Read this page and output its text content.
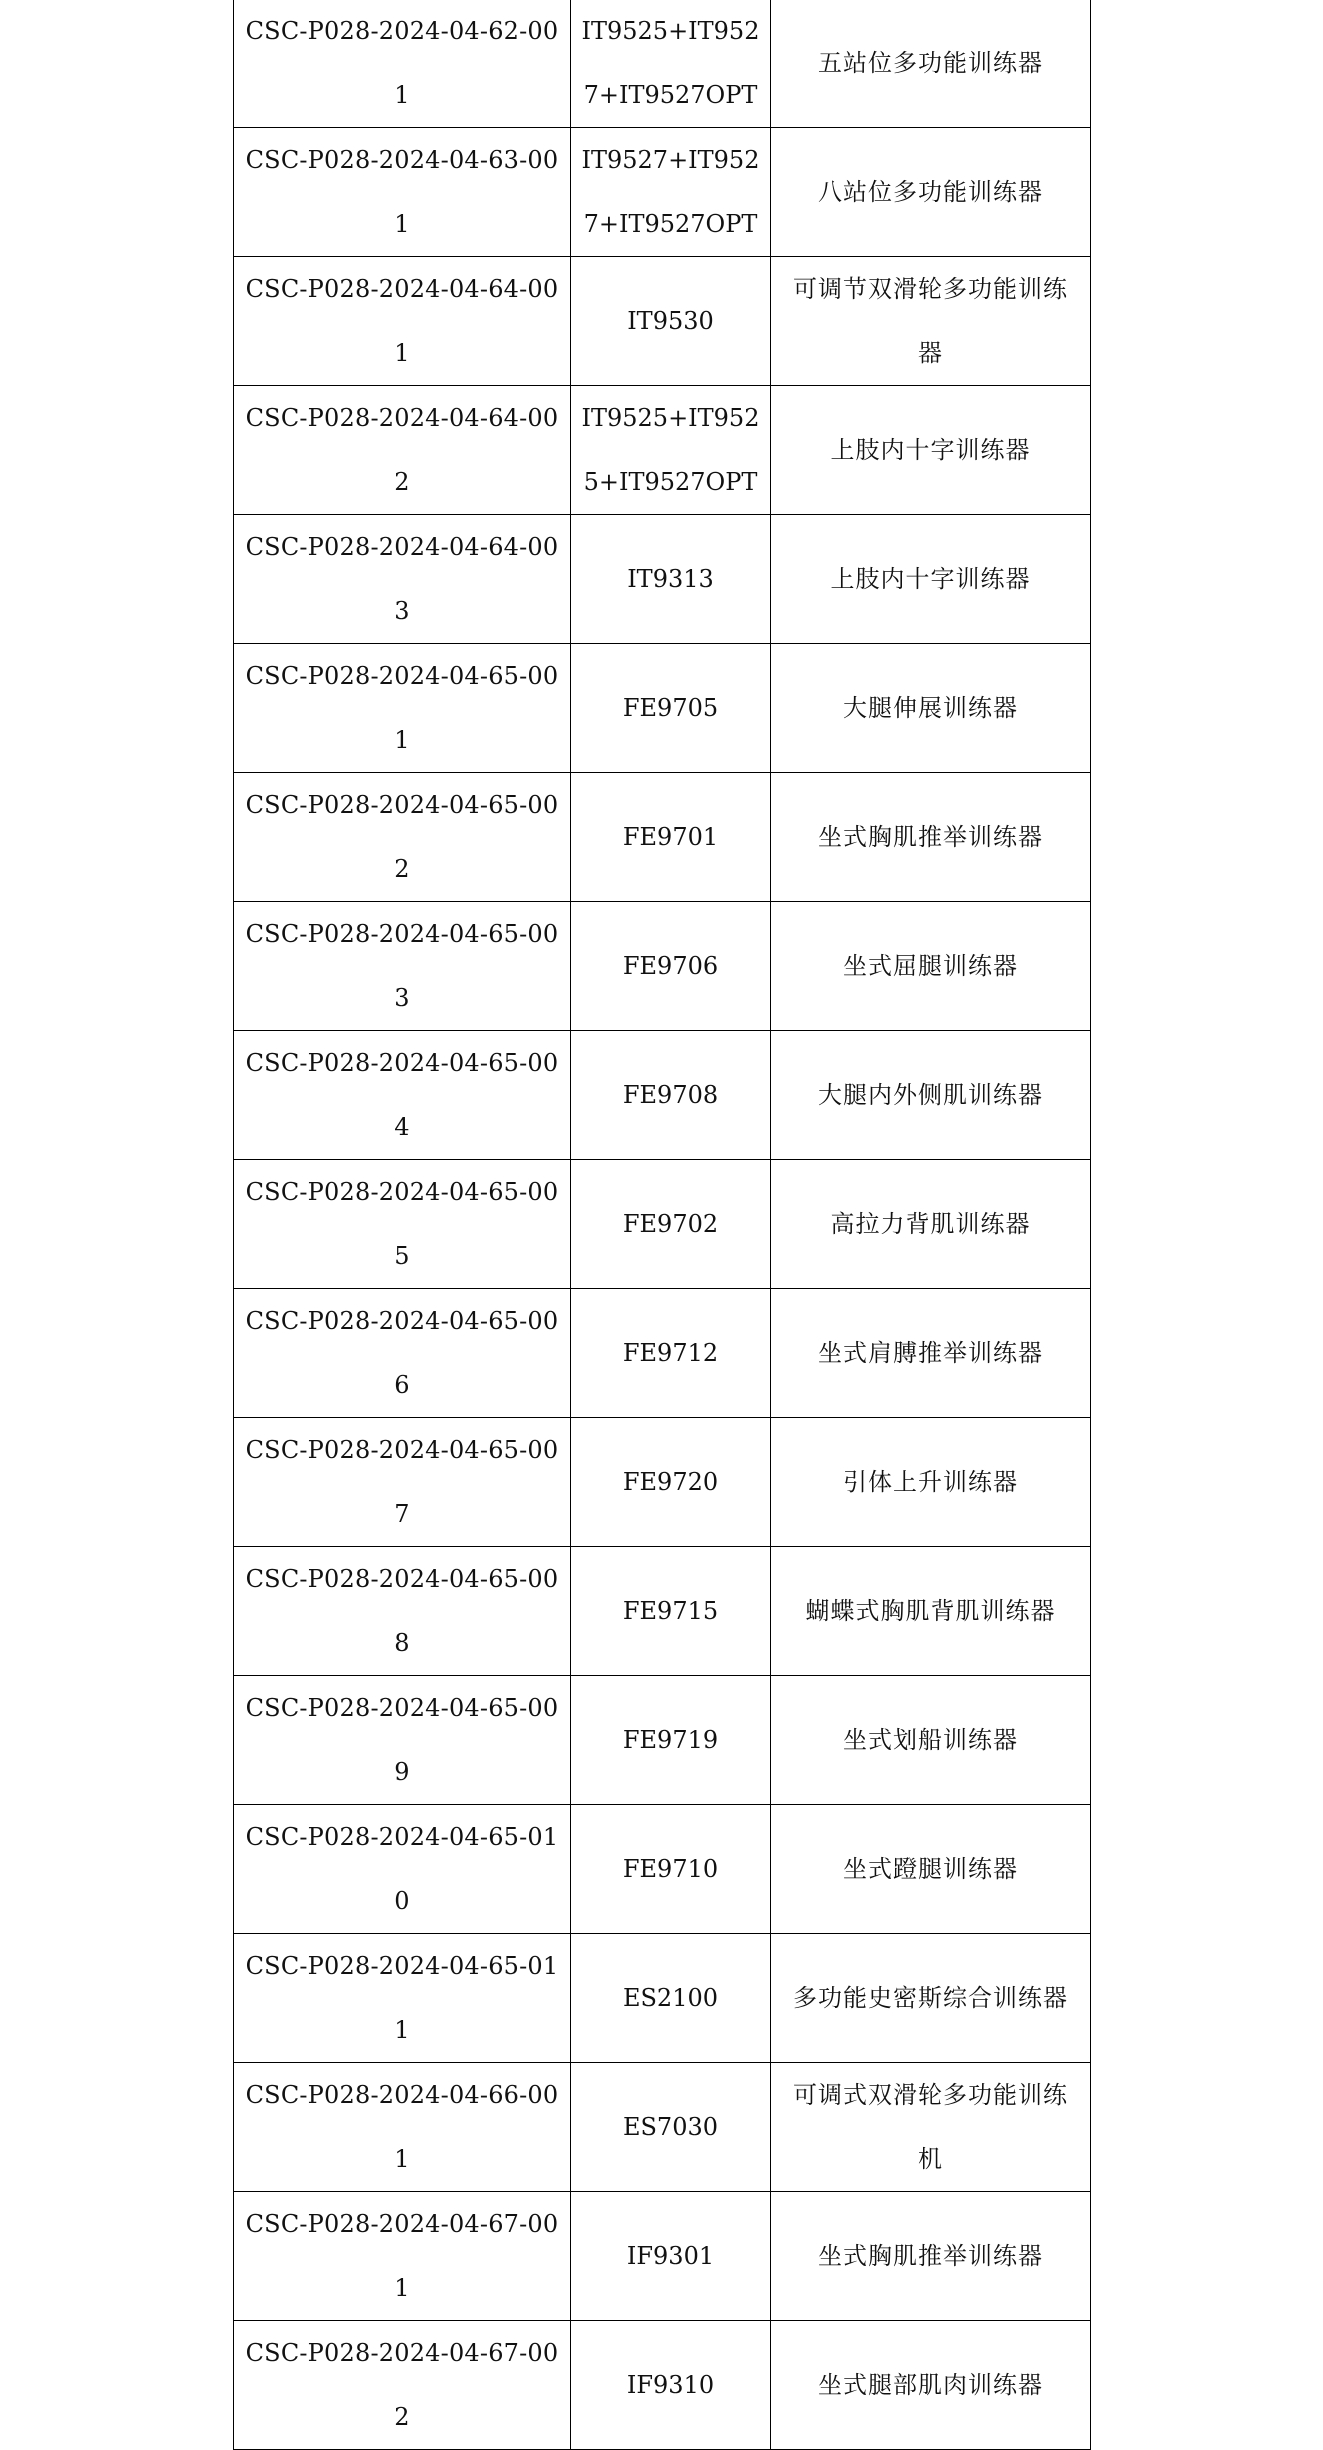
CSC-P028-2024-04-62-001	IT9525+IT9527+IT9527OPT	五站位多功能训练器
CSC-P028-2024-04-63-001	IT9527+IT9527+IT9527OPT	八站位多功能训练器
CSC-P028-2024-04-64-001	IT9530	可调节双滑轮多功能训练器
CSC-P028-2024-04-64-002	IT9525+IT9525+IT9527OPT	上肢内十字训练器
CSC-P028-2024-04-64-003	IT9313	上肢内十字训练器
CSC-P028-2024-04-65-001	FE9705	大腿伸展训练器
CSC-P028-2024-04-65-002	FE9701	坐式胸肌推举训练器
CSC-P028-2024-04-65-003	FE9706	坐式屈腿训练器
CSC-P028-2024-04-65-004	FE9708	大腿内外侧肌训练器
CSC-P028-2024-04-65-005	FE9702	高拉力背肌训练器
CSC-P028-2024-04-65-006	FE9712	坐式肩膊推举训练器
CSC-P028-2024-04-65-007	FE9720	引体上升训练器
CSC-P028-2024-04-65-008	FE9715	蝴蝶式胸肌背肌训练器
CSC-P028-2024-04-65-009	FE9719	坐式划船训练器
CSC-P028-2024-04-65-010	FE9710	坐式蹬腿训练器
CSC-P028-2024-04-65-011	ES2100	多功能史密斯综合训练器
CSC-P028-2024-04-66-001	ES7030	可调式双滑轮多功能训练机
CSC-P028-2024-04-67-001	IF9301	坐式胸肌推举训练器
CSC-P028-2024-04-67-002	IF9310	坐式腿部肌肉训练器
